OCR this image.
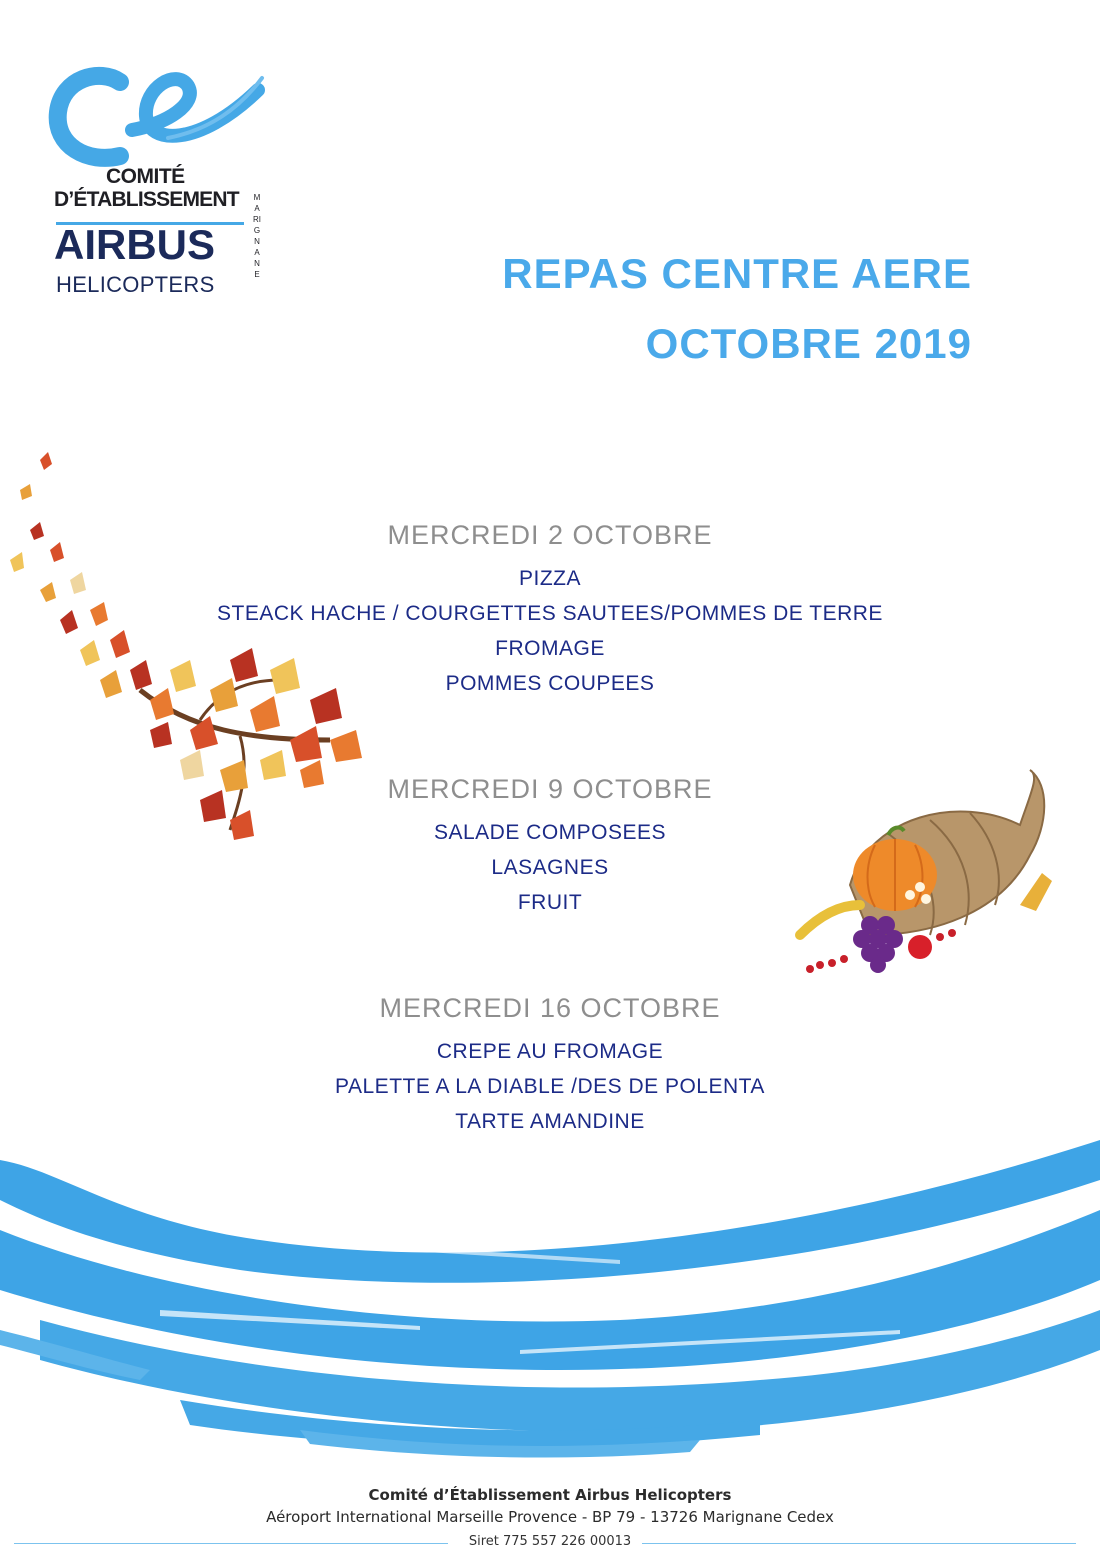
COMITÉ
D’ÉTABLISSEMENT
AIRBUS
HELICOPTERS
MARIGNANE	REPAS CENTRE AERE
OCTOBRE 2019
MERCREDI 2 OCTOBRE
PIZZA
STEACK HACHE / COURGETTES SAUTEES/POMMES DE TERRE
FROMAGE
POMMES COUPEES
MERCREDI 9 OCTOBRE
SALADE COMPOSEES
LASAGNES
FRUIT
MERCREDI 16 OCTOBRE
CREPE AU FROMAGE
PALETTE A LA DIABLE /DES DE POLENTA
TARTE AMANDINE
Comité d’Établissement Airbus Helicopters
Aéroport International Marseille Provence - BP 79 - 13726 Marignane Cedex
Siret 775 557 226 00013
